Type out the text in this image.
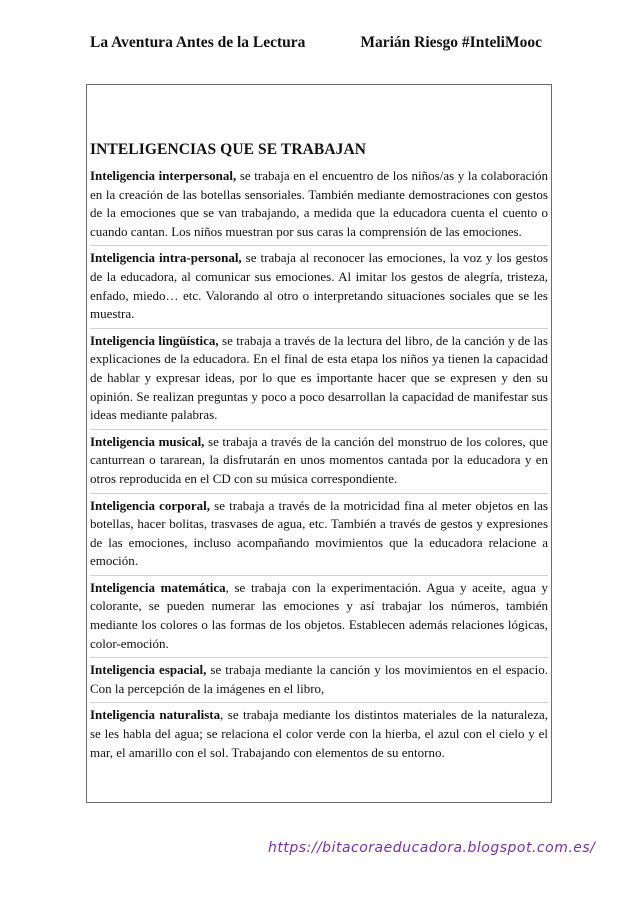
La Aventura Antes de la Lectura	Marián Riesgo #InteliMooc
INTELIGENCIAS QUE SE TRABAJAN

Inteligencia interpersonal, se trabaja en el encuentro de los niños/as y la colaboración en la creación de las botellas sensoriales. También mediante demostraciones con gestos de la emociones que se van trabajando, a medida que la educadora cuenta el cuento o cuando cantan. Los niños muestran por sus caras la comprensión de las emociones.

Inteligencia intra-personal, se trabaja al reconocer las emociones, la voz y los gestos de la educadora, al comunicar sus emociones. Al imitar los gestos de alegría, tristeza, enfado, miedo… etc. Valorando al otro o interpretando situaciones sociales que se les muestra.

Inteligencia lingüística, se trabaja a través de la lectura del libro, de la canción y de las explicaciones de la educadora. En el final de esta etapa los niños ya tienen la capacidad de hablar y expresar ideas, por lo que es importante hacer que se expresen y den su opinión. Se realizan preguntas y poco a poco desarrollan la capacidad de manifestar sus ideas mediante palabras.

Inteligencia musical, se trabaja a través de la canción del monstruo de los colores, que canturrean o tararean, la disfrutarán en unos momentos cantada por la educadora y en otros reproducida en el CD con su música correspondiente.

Inteligencia corporal, se trabaja a través de la motricidad fina al meter objetos en las botellas, hacer bolitas, trasvases de agua, etc. También a través de gestos y expresiones de las emociones, incluso acompañando movimientos que la educadora relacione a emoción.

Inteligencia matemática, se trabaja con la experimentación. Agua y aceite, agua y colorante, se pueden numerar las emociones y así trabajar los números, también mediante los colores o las formas de los objetos. Establecen además relaciones lógicas, color-emoción.

Inteligencia espacial, se trabaja mediante la canción y los movimientos en el espacio. Con la percepción de la imágenes en el libro,

Inteligencia naturalista, se trabaja mediante los distintos materiales de la naturaleza, se les habla del agua; se relaciona el color verde con la hierba, el azul con el cielo y el mar, el amarillo con el sol. Trabajando con elementos de su entorno.

https://bitacoraeducadora.blogspot.com.es/
